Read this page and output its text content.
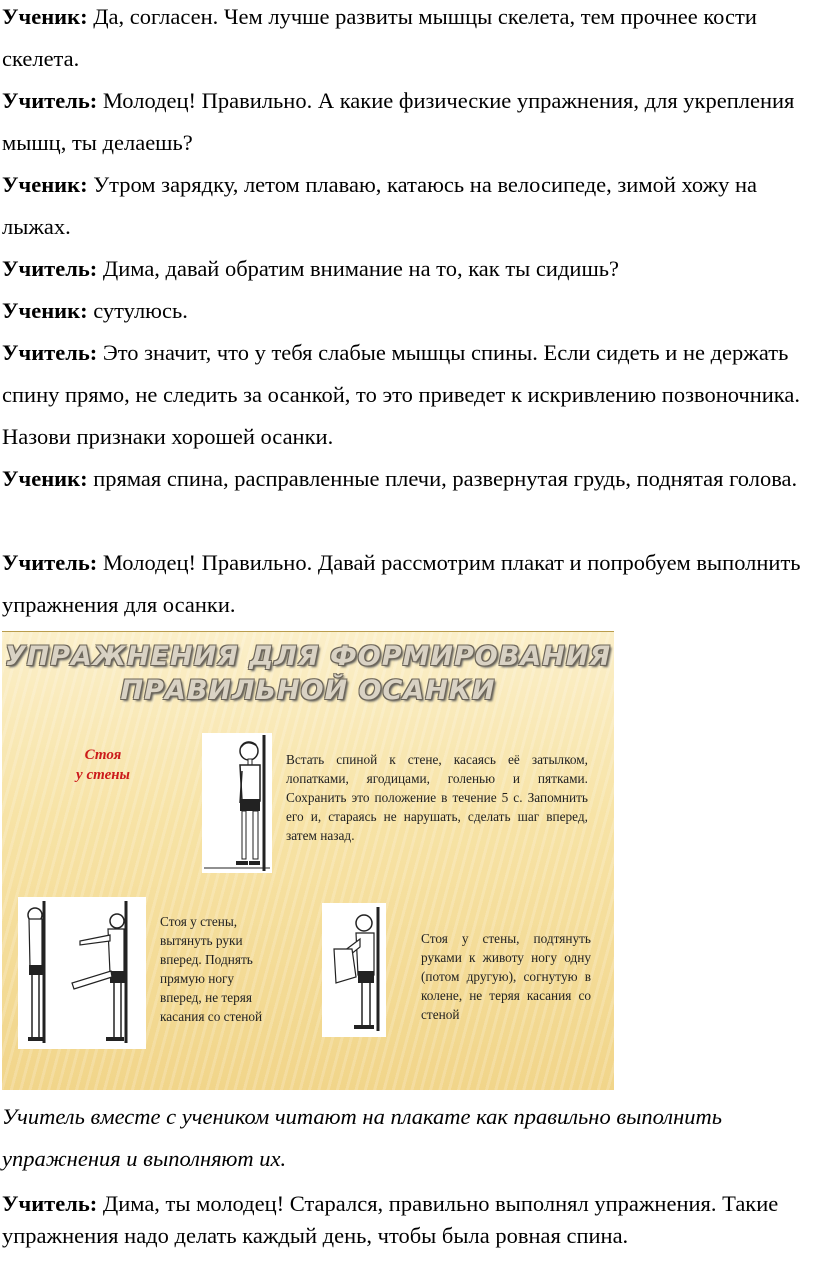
Ученик: Да, согласен. Чем лучше развиты мышцы скелета, тем прочнее кости скелета.

Учитель: Молодец! Правильно. А какие физические упражнения, для укрепления мышц, ты делаешь?

Ученик: Утром зарядку, летом плаваю, катаюсь на велосипеде, зимой хожу на лыжах.

Учитель: Дима, давай обратим внимание на то, как ты сидишь?

Ученик: сутулюсь.

Учитель: Это значит, что у тебя слабые мышцы спины. Если сидеть и не держать спину прямо, не следить за осанкой, то это приведет к искривлению позвоночника. Назови признаки хорошей осанки.

Ученик: прямая спина, расправленные плечи, развернутая грудь, поднятая голова.

Учитель: Молодец! Правильно. Давай рассмотрим плакат и попробуем выполнить упражнения для осанки.

УПРАЖНЕНИЯ ДЛЯ ФОРМИРОВАНИЯ
ПРАВИЛЬНОЙ ОСАНКИ
Стоя
у стены
Встать спиной к стене, касаясь её затылком, лопатками, ягодицами, голенью и пятками. Сохранить это положение в течение 5 с. Запомнить его и, стараясь не нарушать, сделать шаг вперед, затем назад.
Стоя у стены, вытянуть руки вперед. Поднять прямую ногу вперед, не теряя касания со стеной
Стоя у стены, подтянуть руками к животу ногу одну (потом другую), согнутую в колене, не теряя касания со стеной

Учитель вместе с учеником читают на плакате как правильно выполнить упражнения и выполняют их.

Учитель: Дима, ты молодец! Старался, правильно выполнял упражнения. Такие упражнения надо делать каждый день, чтобы была ровная спина.
